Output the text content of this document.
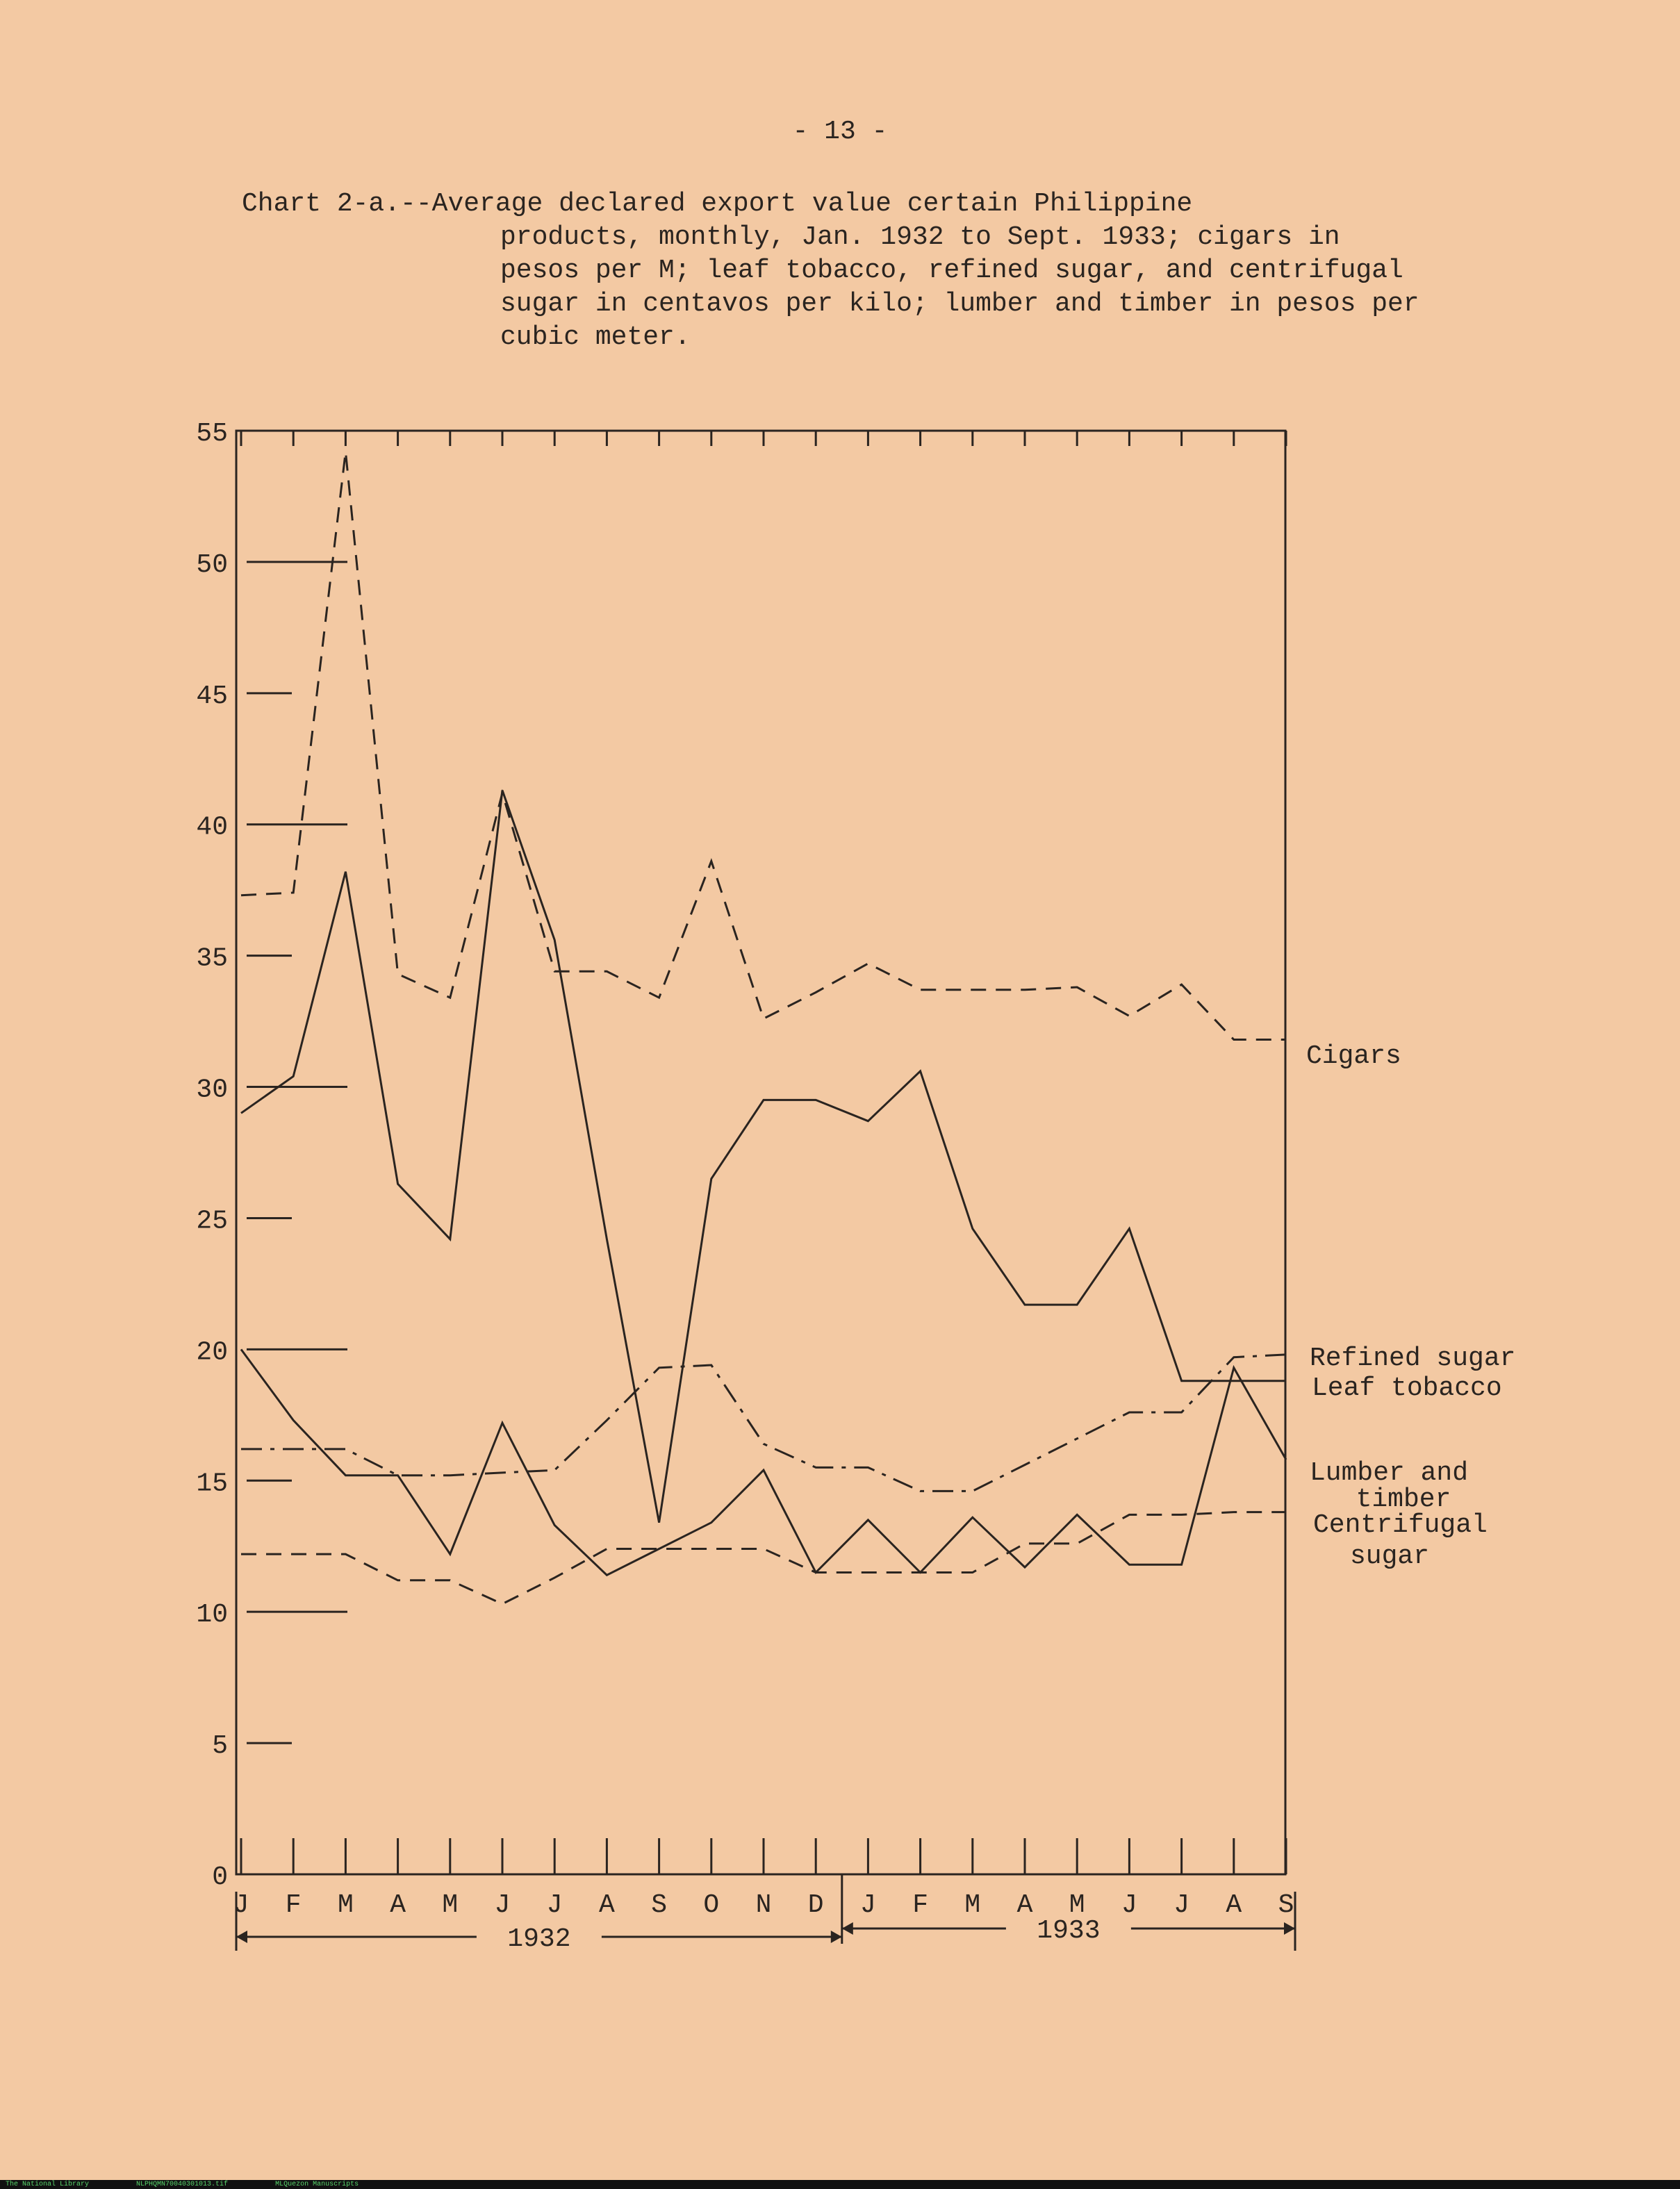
- 13 -
Chart 2-a.--Average declared export value certain Philippine
products, monthly, Jan. 1932 to Sept. 1933; cigars in pesos per M; leaf tobacco, refined sugar, and centrifugal sugar in centavos per kilo; lumber and timber in pesos per cubic meter.
0
5
10
15
20
25
30
35
40
45
50
55
J F M A M J J A S O N D J F M A M J J A S
1932	1933
Cigars
Refined sugar
Leaf tobacco
Lumber and
timber
Centrifugal
sugar
The National Library	NLPHQMN70040301013.tif	MLQuezon Manuscripts
